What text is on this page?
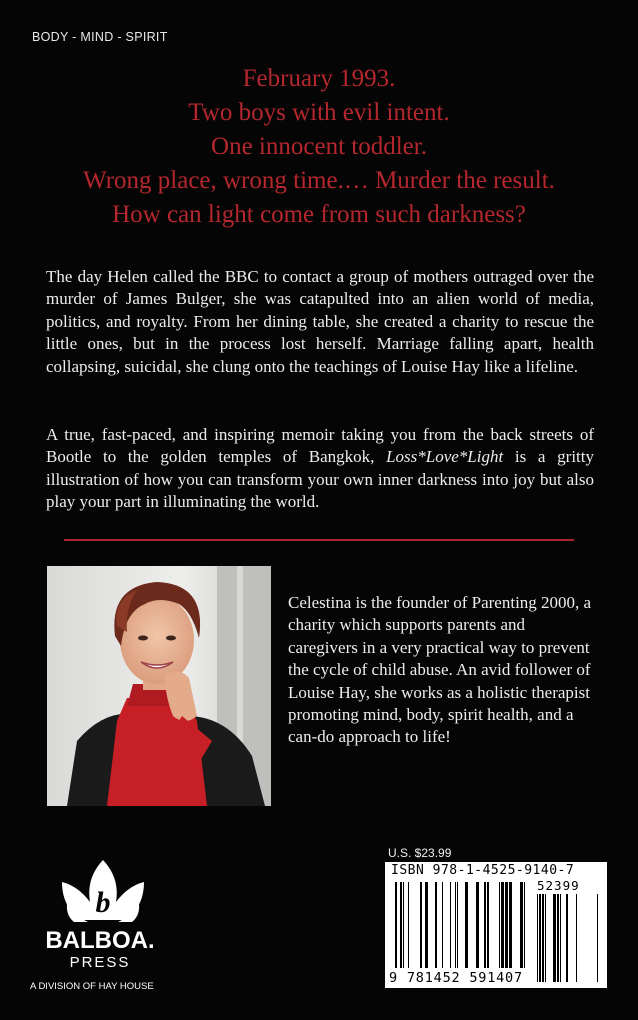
BODY - MIND - SPIRIT
February 1993.
Two boys with evil intent.
One innocent toddler.
Wrong place, wrong time.… Murder the result.
How can light come from such darkness?

The day Helen called the BBC to contact a group of mothers outraged over the murder of James Bulger, she was catapulted into an alien world of media, politics, and royalty. From her dining table, she created a charity to rescue the little ones, but in the process lost herself. Marriage falling apart, health collapsing, suicidal, she clung onto the teachings of Louise Hay like a lifeline.

A true, fast-paced, and inspiring memoir taking you from the back streets of Bootle to the golden temples of Bangkok, Loss*Love*Light is a gritty illustration of how you can transform your own inner darkness into joy but also play your part in illuminating the world.

Celestina is the founder of Parenting 2000, a charity which supports parents and caregivers in a very practical way to prevent the cycle of child abuse. An avid follower of Louise Hay, she works as a holistic therapist promoting mind, body, spirit health, and a can-do approach to life!
b
BALBOA.
PRESS
A DIVISION OF HAY HOUSE
U.S. $23.99
ISBN 978-1-4525-9140-7
52399
9 781452 591407
